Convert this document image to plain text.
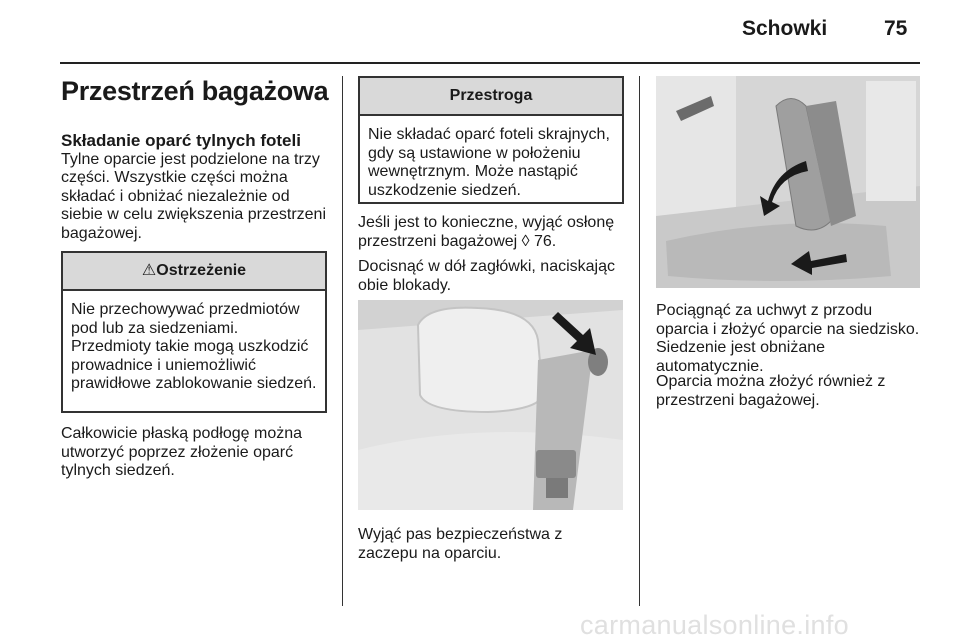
Schowki	75
Przestrzeń bagażowa
Składanie oparć tylnych foteli

Tylne oparcie jest podzielone na trzy części. Wszystkie części można składać i obniżać niezależnie od siebie w celu zwiększenia przestrzeni bagażowej.

⚠Ostrzeżenie
Nie przechowywać przedmiotów pod lub za siedzeniami. Przedmioty takie mogą uszkodzić prowadnice i uniemożliwić prawidłowe zablokowanie siedzeń.

Całkowicie płaską podłogę można utworzyć poprzez złożenie oparć tylnych siedzeń.

Przestroga
Nie składać oparć foteli skrajnych, gdy są ustawione w położeniu wewnętrznym. Może nastąpić uszkodzenie siedzeń.

Jeśli jest to konieczne, wyjąć osłonę przestrzeni bagażowej ◊ 76.

Docisnąć w dół zagłówki, naciskając obie blokady.

Wyjąć pas bezpieczeństwa z zaczepu na oparciu.

Pociągnąć za uchwyt z przodu oparcia i złożyć oparcie na siedzisko. Siedzenie jest obniżane automatycznie.

Oparcia można złożyć również z przestrzeni bagażowej.

carmanualsonline.info
